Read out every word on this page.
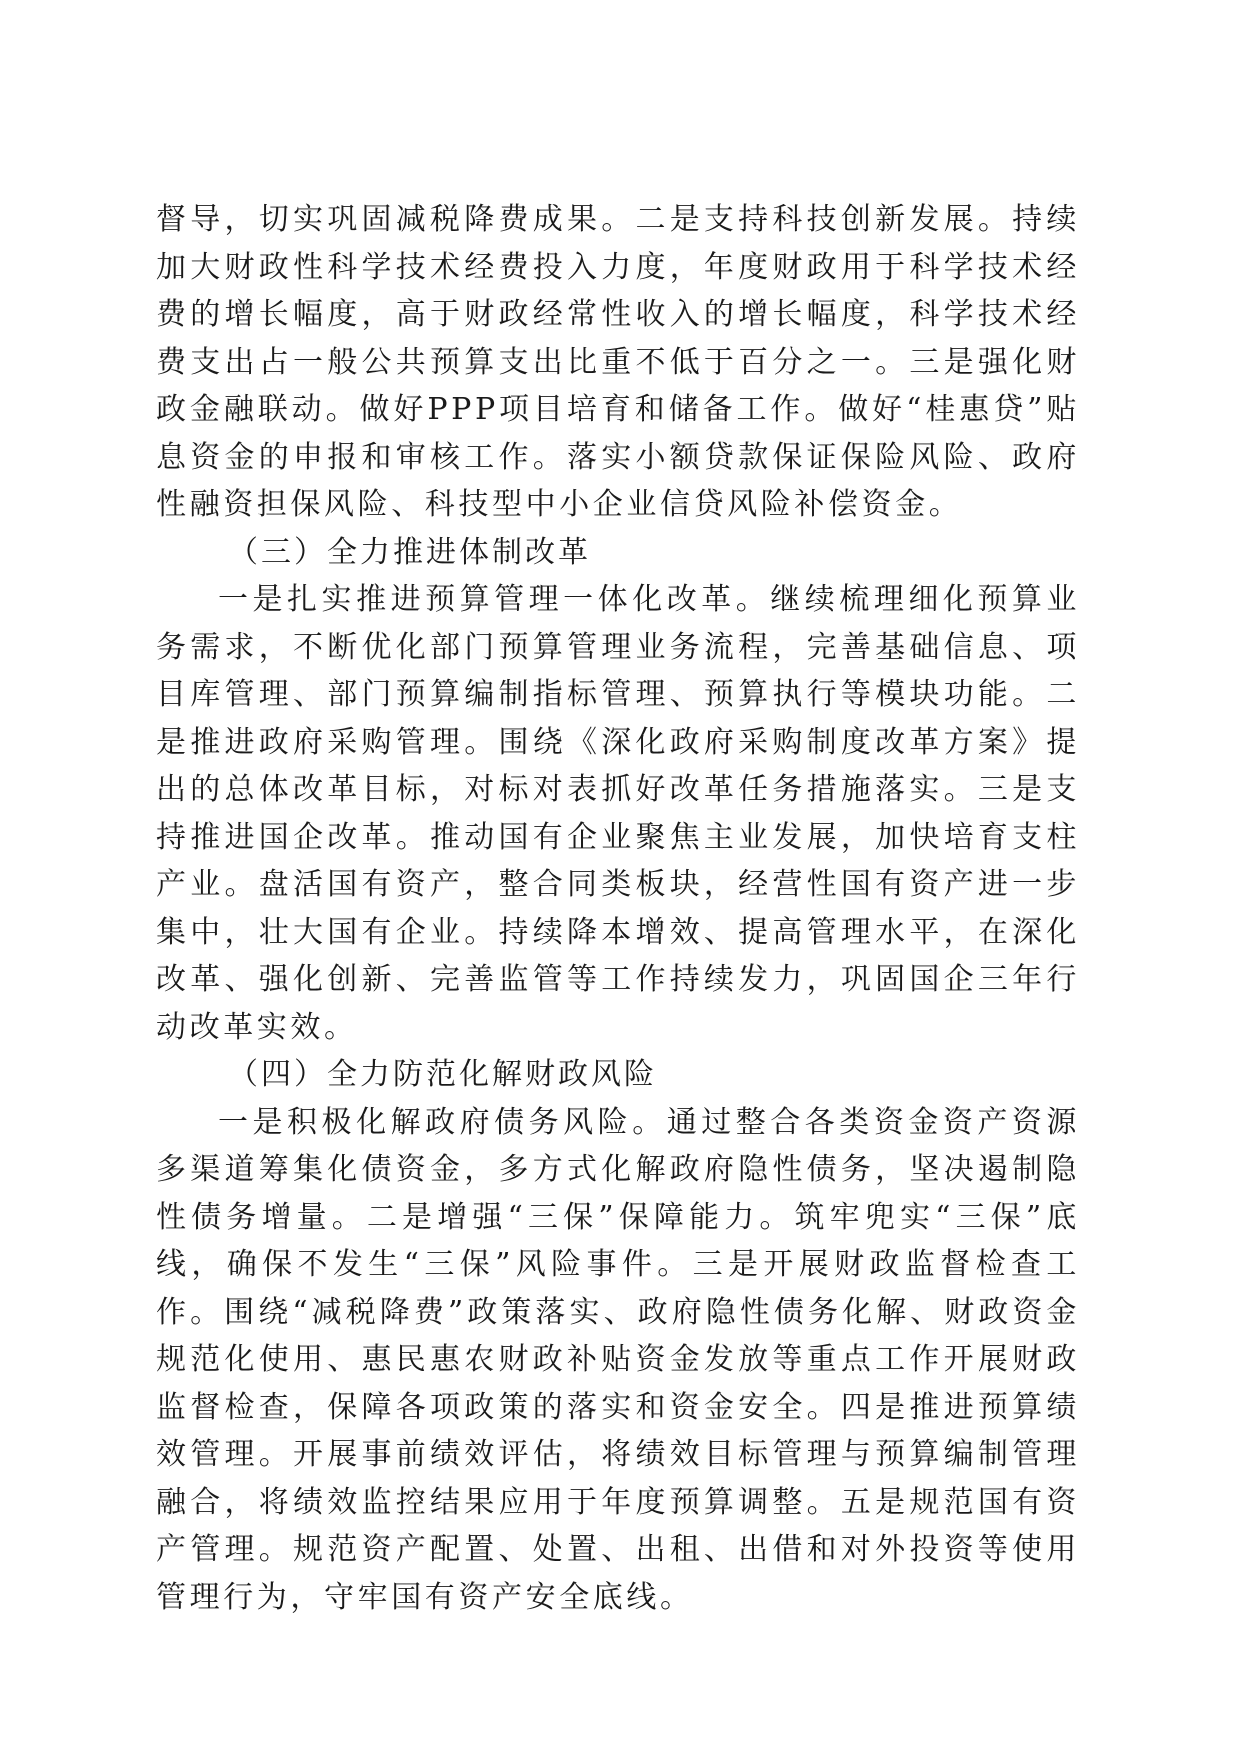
督导，切实巩固减税降费成果。二是支持科技创新发展。持续加大财政性科学技术经费投入力度，年度财政用于科学技术经费的增长幅度，高于财政经常性收入的增长幅度，科学技术经费支出占一般公共预算支出比重不低于百分之一。三是强化财政金融联动。做好PPP项目培育和储备工作。做好“桂惠贷”贴息资金的申报和审核工作。落实小额贷款保证保险风险、政府性融资担保风险、科技型中小企业信贷风险补偿资金。

（三）全力推进体制改革

一是扎实推进预算管理一体化改革。继续梳理细化预算业务需求，不断优化部门预算管理业务流程，完善基础信息、项目库管理、部门预算编制指标管理、预算执行等模块功能。二是推进政府采购管理。围绕《深化政府采购制度改革方案》提出的总体改革目标，对标对表抓好改革任务措施落实。三是支持推进国企改革。推动国有企业聚焦主业发展，加快培育支柱产业。盘活国有资产，整合同类板块，经营性国有资产进一步集中，壮大国有企业。持续降本增效、提高管理水平，在深化改革、强化创新、完善监管等工作持续发力，巩固国企三年行动改革实效。

（四）全力防范化解财政风险

一是积极化解政府债务风险。通过整合各类资金资产资源多渠道筹集化债资金，多方式化解政府隐性债务，坚决遏制隐性债务增量。二是增强“三保”保障能力。筑牢兜实“三保”底线，确保不发生“三保”风险事件。三是开展财政监督检查工作。围绕“减税降费”政策落实、政府隐性债务化解、财政资金规范化使用、惠民惠农财政补贴资金发放等重点工作开展财政监督检查，保障各项政策的落实和资金安全。四是推进预算绩效管理。开展事前绩效评估，将绩效目标管理与预算编制管理融合，将绩效监控结果应用于年度预算调整。五是规范国有资产管理。规范资产配置、处置、出租、出借和对外投资等使用管理行为，守牢国有资产安全底线。
